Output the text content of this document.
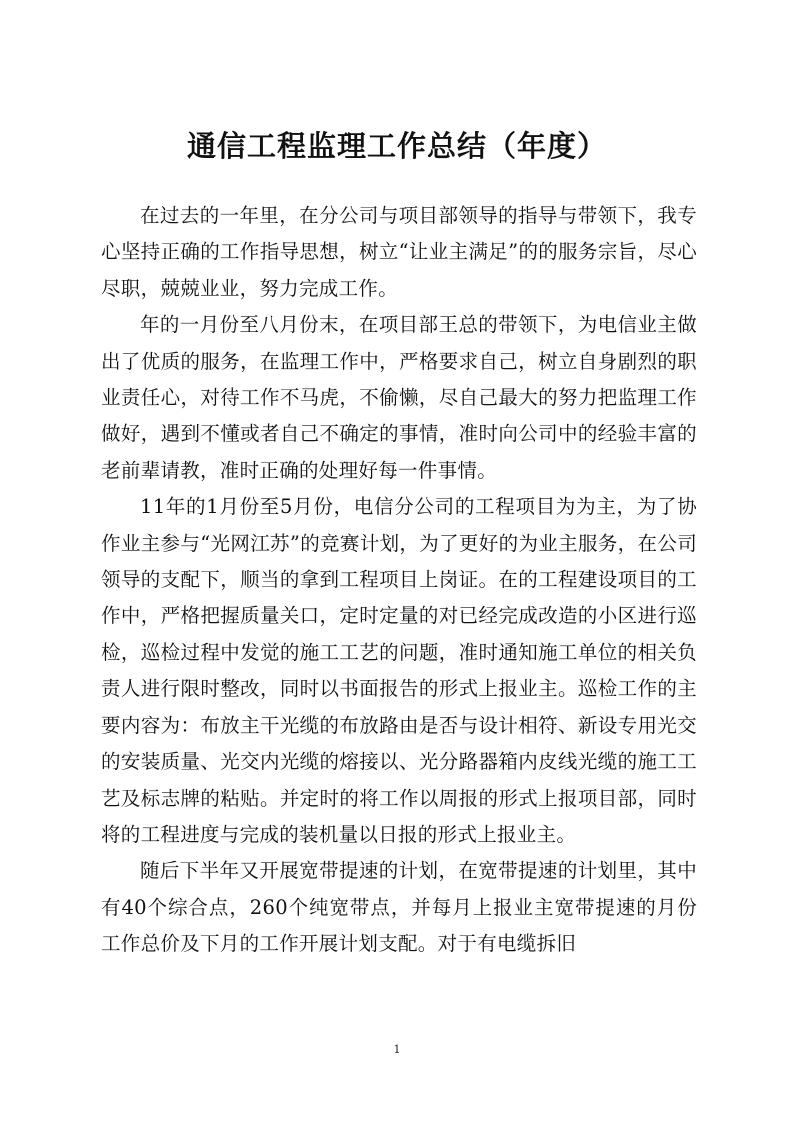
通信工程监理工作总结（年度）

在过去的一年里，在分公司与项目部领导的指导与带领下，我专心坚持正确的工作指导思想，树立“让业主满足”的的服务宗旨，尽心尽职，兢兢业业，努力完成工作。

年的一月份至八月份末，在项目部王总的带领下，为电信业主做出了优质的服务，在监理工作中，严格要求自己，树立自身剧烈的职业责任心，对待工作不马虎，不偷懒，尽自己最大的努力把监理工作做好，遇到不懂或者自己不确定的事情，准时向公司中的经验丰富的老前辈请教，准时正确的处理好每一件事情。

11年的1月份至5月份，电信分公司的工程项目为为主，为了协作业主参与“光网江苏”的竞赛计划，为了更好的为业主服务，在公司领导的支配下，顺当的拿到工程项目上岗证。在的工程建设项目的工作中，严格把握质量关口，定时定量的对已经完成改造的小区进行巡检，巡检过程中发觉的施工工艺的问题，准时通知施工单位的相关负责人进行限时整改，同时以书面报告的形式上报业主。巡检工作的主要内容为：布放主干光缆的布放路由是否与设计相符、新设专用光交的安装质量、光交内光缆的熔接以、光分路器箱内皮线光缆的施工工艺及标志牌的粘贴。并定时的将工作以周报的形式上报项目部，同时将的工程进度与完成的装机量以日报的形式上报业主。

随后下半年又开展宽带提速的计划，在宽带提速的计划里，其中有40个综合点，260个纯宽带点，并每月上报业主宽带提速的月份工作总价及下月的工作开展计划支配。对于有电缆拆旧

1
